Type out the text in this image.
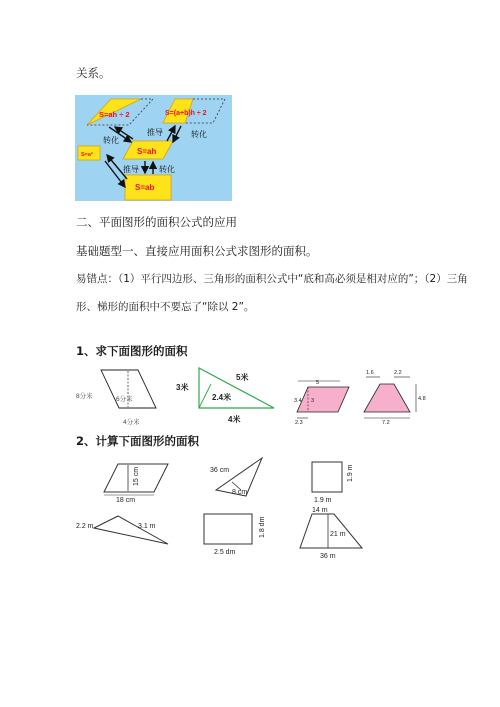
关系。
S=ah ÷ 2	S=(a+b)h ÷ 2
S=a²	S=ah
S=ab
转化
推导	转化
推导	转化
二、平面图形的面积公式的应用
基础题型一、直接应用面积公式求图形的面积。
易错点：（1）平行四边形、三角形的面积公式中“底和高必须是相对应的”；（2）三角
形、梯形的面积中不要忘了“除以 2”。
1、求下面图形的面积
8分米	6分米
4分米
3米
5米
2.4米
4米
5
3.4 3
2.3
1.6	2.2
4.8
7.2
2、计算下面图形的面积
15 cm
18 cm
36 cm
8 cm
1.9 m
1.9 m
2.2 m	3.1 m	1.8 dm
2.5 dm
14 m
21 m
36 m
